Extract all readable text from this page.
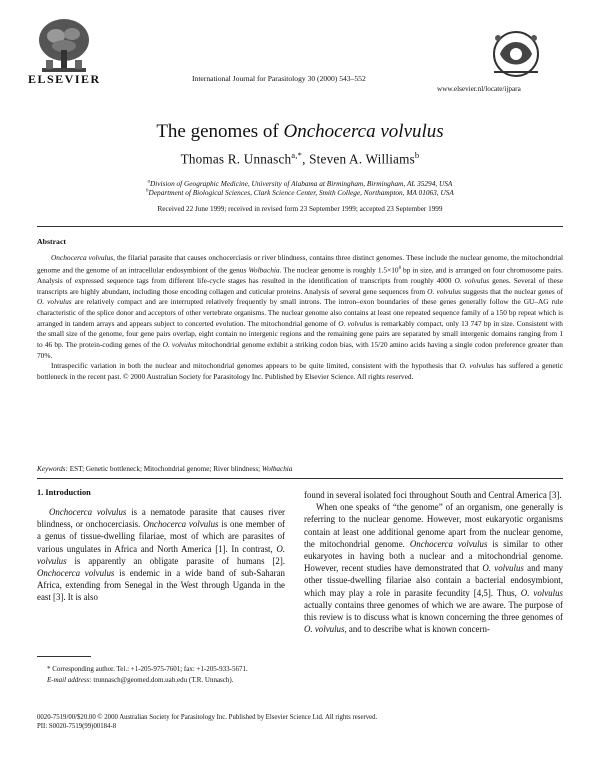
ELSEVIER	International Journal for Parasitology 30 (2000) 543–552
www.elsevier.nl/locate/ijpara
The genomes of Onchocerca volvulus
Thomas R. Unnasch$^{a,*}$, Steven A. Williams$^b$
$^a$Division of Geographic Medicine, University of Alabama at Birmingham, Birmingham, AL 35294, USA
$^b$Department of Biological Sciences, Clark Science Center, Smith College, Northampton, MA 01063, USA
Received 22 June 1999; received in revised form 23 September 1999; accepted 23 September 1999
Abstract

Onchocerca volvulus, the filarial parasite that causes onchocerciasis or river blindness, contains three distinct genomes. These include the nuclear genome, the mitochondrial genome and the genome of an intracellular endosymbiont of the genus Wolbachia. The nuclear genome is roughly $1.5\times 10^8$ bp in size, and is arranged on four chromosome pairs. Analysis of expressed sequence tags from different life-cycle stages has resulted in the identification of transcripts from roughly 4000 O. volvulus genes. Several of these transcripts are highly abundant, including those encoding collagen and cuticular proteins. Analysis of several gene sequences from O. volvulus suggests that the nuclear genes of O. volvulus are relatively compact and are interrupted relatively frequently by small introns. The intron–exon boundaries of these genes generally follow the GU–AG rule characteristic of the splice donor and acceptors of other vertebrate organisms. The nuclear genome also contains at least one repeated sequence family of a 150 bp repeat which is arranged in tandem arrays and appears subject to concerted evolution. The mitochondrial genome of O. volvulus is remarkably compact, only 13 747 bp in size. Consistent with the small size of the genome, four gene pairs overlap, eight contain no intergenic regions and the remaining gene pairs are separated by small intergenic domains ranging from 1 to 46 bp. The protein-coding genes of the O. volvulus mitochondrial genome exhibit a striking codon bias, with 15/20 amino acids having a single codon preference greater than 70%.

Intraspecific variation in both the nuclear and mitochondrial genomes appears to be quite limited, consistent with the hypothesis that O. volvulus has suffered a genetic bottleneck in the recent past. © 2000 Australian Society for Parasitology Inc. Published by Elsevier Science. All rights reserved.

Keywords: EST; Genetic bottleneck; Mitochondrial genome; River blindness; Wolbachia
1. Introduction

Onchocerca volvulus is a nematode parasite that causes river blindness, or onchocerciasis. Onchocerca volvulus is one member of a genus of tissue-dwelling filariae, most of which are parasites of various ungulates in Africa and North America [1]. In contrast, O. volvulus is apparently an obligate parasite of humans [2]. Onchocerca volvulus is endemic in a wide band of sub-Saharan Africa, extending from Senegal in the West through Uganda in the east [3]. It is also

found in several isolated foci throughout South and Central America [3].

When one speaks of “the genome” of an organism, one generally is referring to the nuclear genome. However, most eukaryotic organisms contain at least one additional genome apart from the nuclear genome, the mitochondrial genome. Onchocerca volvulus is similar to other eukaryotes in having both a nuclear and a mitochondrial genome. However, recent studies have demonstrated that O. volvulus and many other tissue-dwelling filariae also contain a bacterial endosymbiont, which may play a role in parasite fecundity [4,5]. Thus, O. volvulus actually contains three genomes of which we are aware. The purpose of this review is to discuss what is known concerning the three genomes of O. volvulus, and to describe what is known concern-

* Corresponding author. Tel.: +1-205-975-7601; fax: +1-205-933-5671.

E-mail address: trunnasch@geomed.dom.uab.edu (T.R. Unnasch).

0020-7519/00/$20.00 © 2000 Australian Society for Parasitology Inc. Published by Elsevier Science Ltd. All rights reserved.
PII: S0020-7519(99)00184-8
